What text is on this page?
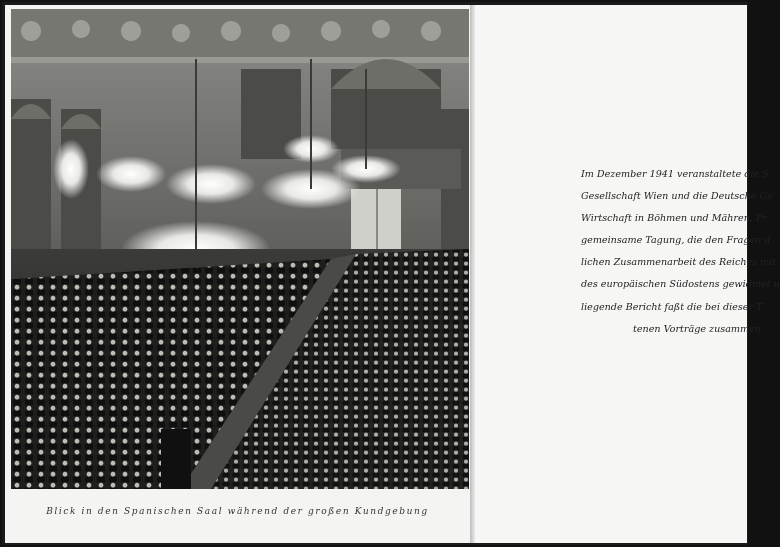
Blick in den Spanischen Saal während der großen Kundgebung
Im Dezember 1941 veranstaltete die S
Gesellschaft Wien und die Deutsche Ge
Wirtschaft in Böhmen und Mähren, Pr
gemeinsame Tagung, die den Fragen d
lichen Zusammenarbeit des Reiches mit
des europäischen Südostens gewidmet u
liegende Bericht faßt die bei dieser T
tenen Vorträge zusammen.
